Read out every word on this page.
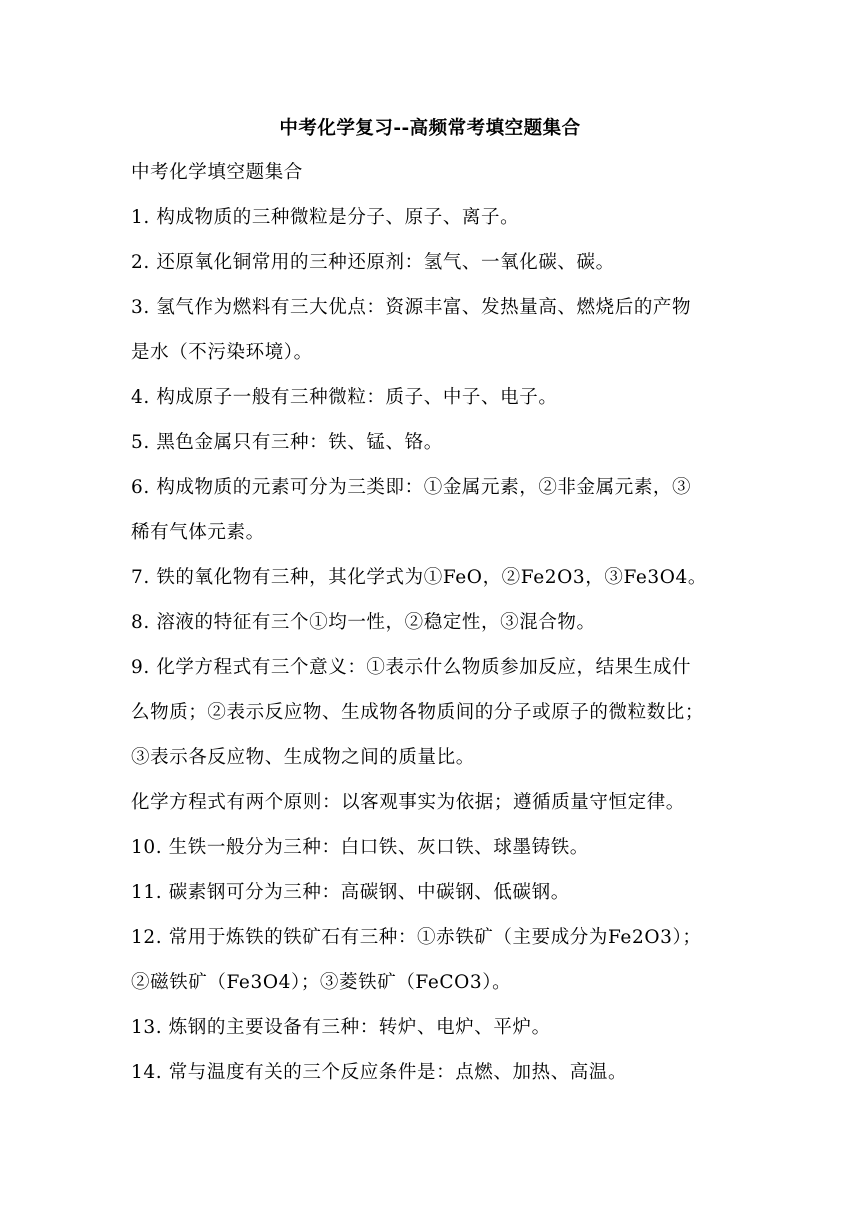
中考化学复习--高频常考填空题集合
中考化学填空题集合
1. 构成物质的三种微粒是分子、原子、离子。
2. 还原氧化铜常用的三种还原剂：氢气、一氧化碳、碳。
3. 氢气作为燃料有三大优点：资源丰富、发热量高、燃烧后的产物
是水（不污染环境）。
4. 构成原子一般有三种微粒：质子、中子、电子。
5. 黑色金属只有三种：铁、锰、铬。
6. 构成物质的元素可分为三类即：①金属元素，②非金属元素，③
稀有气体元素。
7. 铁的氧化物有三种，其化学式为①FeO，②Fe2O3，③Fe3O4。
8. 溶液的特征有三个①均一性，②稳定性，③混合物。
9. 化学方程式有三个意义：①表示什么物质参加反应，结果生成什
么物质；②表示反应物、生成物各物质间的分子或原子的微粒数比；
③表示各反应物、生成物之间的质量比。
化学方程式有两个原则：以客观事实为依据；遵循质量守恒定律。
10. 生铁一般分为三种：白口铁、灰口铁、球墨铸铁。
11. 碳素钢可分为三种：高碳钢、中碳钢、低碳钢。
12. 常用于炼铁的铁矿石有三种：①赤铁矿（主要成分为Fe2O3）；
②磁铁矿（Fe3O4）；③菱铁矿（FeCO3）。
13. 炼钢的主要设备有三种：转炉、电炉、平炉。
14. 常与温度有关的三个反应条件是：点燃、加热、高温。
